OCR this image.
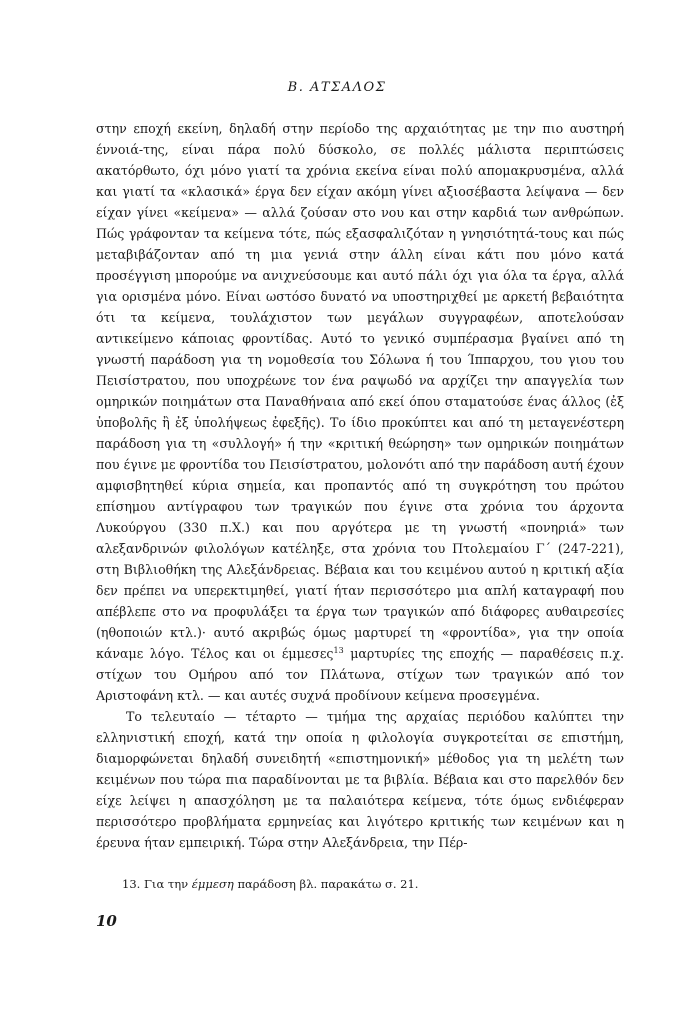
Β. ΑΤΣΑΛΟΣ

στην εποχή εκείνη, δηλαδή στην περίοδο της αρχαιότητας με την πιο αυστηρή έννοιά-της, είναι πάρα πολύ δύσκολο, σε πολλές μάλιστα περιπτώσεις ακατόρθωτο, όχι μόνο γιατί τα χρόνια εκείνα είναι πολύ απομακρυσμένα, αλλά και γιατί τα «κλασικά» έργα δεν είχαν ακόμη γίνει αξιοσέβαστα λείψανα — δεν είχαν γίνει «κείμενα» — αλλά ζούσαν στο νου και στην καρδιά των ανθρώπων. Πώς γράφονταν τα κείμενα τότε, πώς εξασφαλιζόταν η γνησιότητά-τους και πώς μεταβιβάζονταν από τη μια γενιά στην άλλη είναι κάτι που μόνο κατά προσέγγιση μπορούμε να ανιχνεύσουμε και αυτό πάλι όχι για όλα τα έργα, αλλά για ορισμένα μόνο. Είναι ωστόσο δυνατό να υποστηριχθεί με αρκετή βεβαιότητα ότι τα κείμενα, τουλάχιστον των μεγάλων συγγραφέων, αποτελούσαν αντικείμενο κάποιας φροντίδας. Αυτό το γενικό συμπέρασμα βγαίνει από τη γνωστή παράδοση για τη νομοθεσία του Σόλωνα ή του Ίππαρχου, του γιου του Πεισίστρατου, που υποχρέωνε τον ένα ραψωδό να αρχίζει την απαγγελία των ομηρικών ποιημάτων στα Παναθήναια από εκεί όπου σταματούσε ένας άλλος (ἐξ ὑποβολῆς ἢ ἐξ ὑπολήψεως ἐφεξῆς). Το ίδιο προκύπτει και από τη μεταγενέστερη παράδοση για τη «συλλογή» ή την «κριτική θεώρηση» των ομηρικών ποιημάτων που έγινε με φροντίδα του Πεισίστρατου, μολονότι από την παράδοση αυτή έχουν αμφισβητηθεί κύρια σημεία, και προπαντός από τη συγκρότηση του πρώτου επίσημου αντίγραφου των τραγικών που έγινε στα χρόνια του άρχοντα Λυκούργου (330 π.Χ.) και που αργότερα με τη γνωστή «πονηριά» των αλεξανδρινών φιλολόγων κατέληξε, στα χρόνια του Πτολεμαίου Γ΄ (247-221), στη Βιβλιοθήκη της Αλεξάνδρειας. Βέβαια και του κειμένου αυτού η κριτική αξία δεν πρέπει να υπερεκτιμηθεί, γιατί ήταν περισσότερο μια απλή καταγραφή που απέβλεπε στο να προφυλάξει τα έργα των τραγικών από διάφορες αυθαιρεσίες (ηθοποιών κτλ.)· αυτό ακριβώς όμως μαρτυρεί τη «φροντίδα», για την οποία κάναμε λόγο. Τέλος και οι έμμεσες$^{13}$ μαρτυρίες της εποχής — παραθέσεις π.χ. στίχων του Ομήρου από τον Πλάτωνα, στίχων των τραγικών από τον Αριστοφάνη κτλ. — και αυτές συχνά προδίνουν κείμενα προσεγμένα.

Το τελευταίο — τέταρτο — τμήμα της αρχαίας περιόδου καλύπτει την ελληνιστική εποχή, κατά την οποία η φιλολογία συγκροτείται σε επιστήμη, διαμορφώνεται δηλαδή συνειδητή «επιστημονική» μέθοδος για τη μελέτη των κειμένων που τώρα πια παραδίνονται με τα βιβλία. Βέβαια και στο παρελθόν δεν είχε λείψει η απασχόληση με τα παλαιότερα κείμενα, τότε όμως ενδιέφεραν περισσότερο προβλήματα ερμηνείας και λιγότερο κριτικής των κειμένων και η έρευνα ήταν εμπειρική. Τώρα στην Αλεξάνδρεια, την Πέρ-

13. Για την έμμεση παράδοση βλ. παρακάτω σ. 21.
10
